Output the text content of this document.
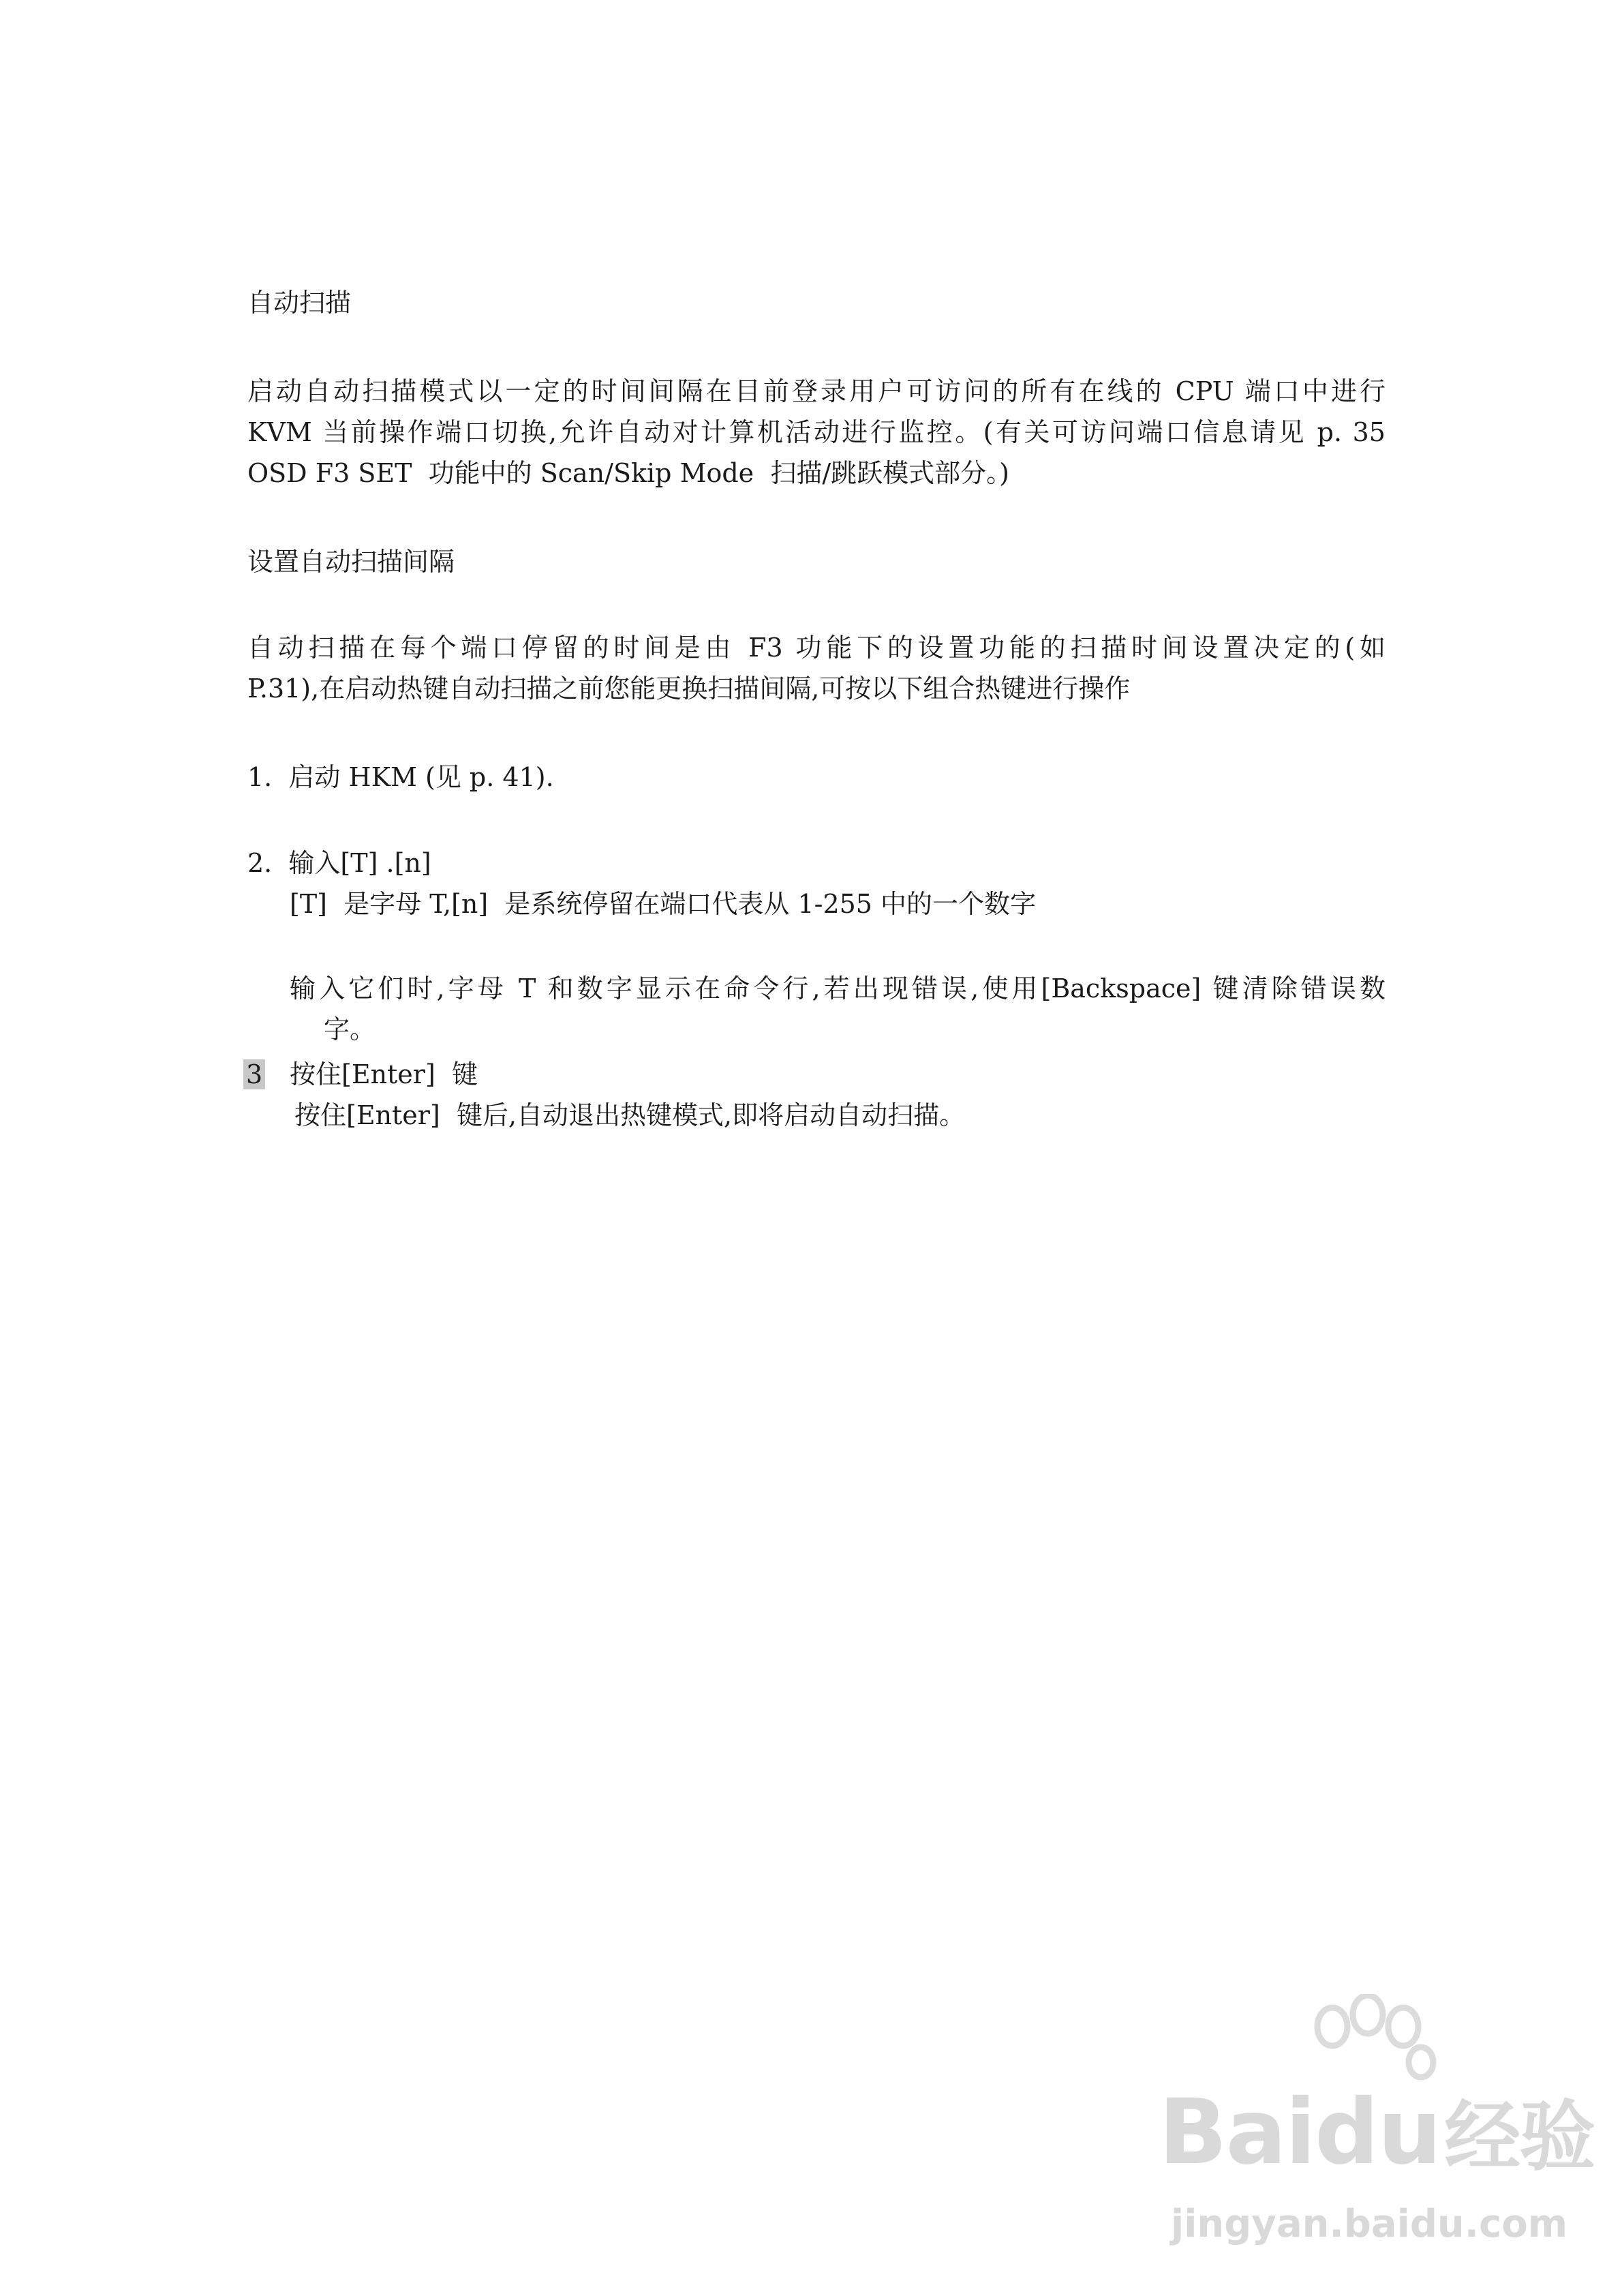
自动扫描
启动自动扫描模式以一定的时间间隔在目前登录用户可访问的所有在线的 CPU 端口中进行
KVM 当前操作端口切换,允许自动对计算机活动进行监控。(有关可访问端口信息请见 p. 35
OSD F3 SET  功能中的 Scan/Skip Mode  扫描/跳跃模式部分。)
设置自动扫描间隔
自动扫描在每个端口停留的时间是由 F3 功能下的设置功能的扫描时间设置决定的(如
P.31),在启动热键自动扫描之前您能更换扫描间隔,可按以下组合热键进行操作
1.  启动 HKM (见 p. 41).
2.  输入[T] .[n]
[T]  是字母 T,[n]  是系统停留在端口代表从 1-255 中的一个数字
输入它们时,字母 T 和数字显示在命令行,若出现错误,使用[Backspace] 键清除错误数
字。
3 按住[Enter]  键
按住[Enter]  键后,自动退出热键模式,即将启动自动扫描。
Baidu经验
jingyan.baidu.com
